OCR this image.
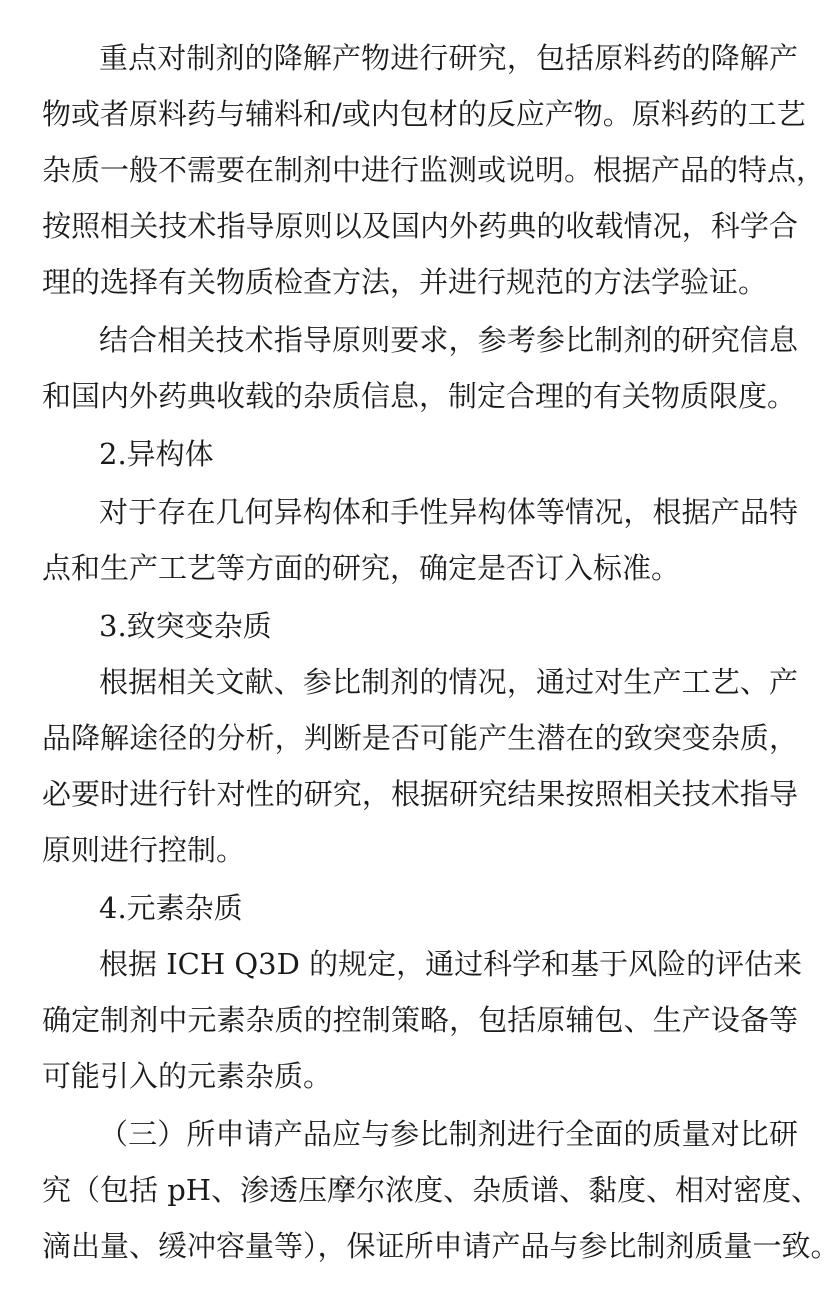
重点对制剂的降解产物进行研究，包括原料药的降解产

物或者原料药与辅料和/或内包材的反应产物。原料药的工艺

杂质一般不需要在制剂中进行监测或说明。根据产品的特点，

按照相关技术指导原则以及国内外药典的收载情况，科学合

理的选择有关物质检查方法，并进行规范的方法学验证。

结合相关技术指导原则要求，参考参比制剂的研究信息

和国内外药典收载的杂质信息，制定合理的有关物质限度。

2.异构体

对于存在几何异构体和手性异构体等情况，根据产品特

点和生产工艺等方面的研究，确定是否订入标准。

3.致突变杂质

根据相关文献、参比制剂的情况，通过对生产工艺、产

品降解途径的分析，判断是否可能产生潜在的致突变杂质，

必要时进行针对性的研究，根据研究结果按照相关技术指导

原则进行控制。

4.元素杂质

根据 ICH Q3D 的规定，通过科学和基于风险的评估来

确定制剂中元素杂质的控制策略，包括原辅包、生产设备等

可能引入的元素杂质。

（三）所申请产品应与参比制剂进行全面的质量对比研

究（包括 pH、渗透压摩尔浓度、杂质谱、黏度、相对密度、

滴出量、缓冲容量等），保证所申请产品与参比制剂质量一致。
